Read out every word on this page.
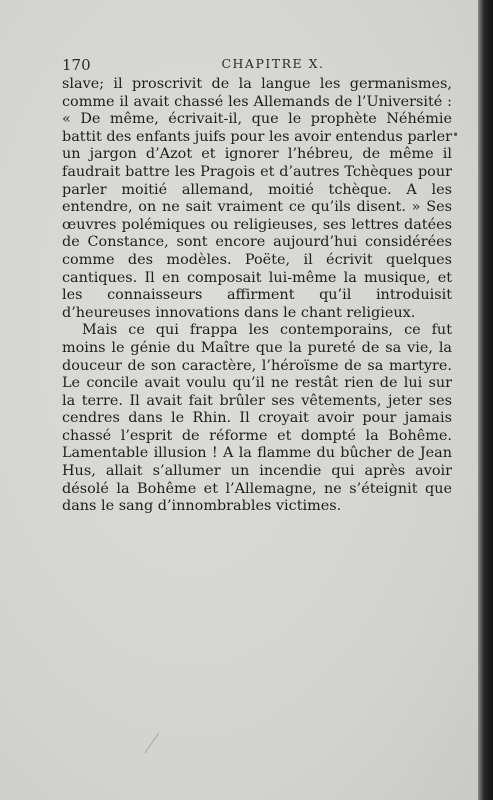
170	CHAPITRE X.

slave; il proscrivit de la langue les germanismes, comme il avait chassé les Allemands de l’Université : « De même, écrivait-il, que le prophète Néhémie battit des enfants juifs pour les avoir entendus parler un jargon d’Azot et ignorer l’hébreu, de même il faudrait battre les Pragois et d’autres Tchèques pour parler moitié allemand, moitié tchèque. A les entendre, on ne sait vraiment ce qu’ils disent. » Ses œuvres polémiques ou religieuses, ses lettres datées de Constance, sont encore aujourd’hui considérées comme des modèles. Poëte, il écrivit quelques cantiques. Il en composait lui-même la musique, et les connaisseurs affirment qu’il introduisit d’heureuses innovations dans le chant religieux.

Mais ce qui frappa les contemporains, ce fut moins le génie du Maître que la pureté de sa vie, la douceur de son caractère, l’héroïsme de sa martyre. Le concile avait voulu qu’il ne restât rien de lui sur la terre. Il avait fait brûler ses vêtements, jeter ses cendres dans le Rhin. Il croyait avoir pour jamais chassé l’esprit de réforme et dompté la Bohême. Lamentable illusion ! A la flamme du bûcher de Jean Hus, allait s’allumer un incendie qui après avoir désolé la Bohême et l’Allemagne, ne s’éteignit que dans le sang d’innombrables victimes.

•
